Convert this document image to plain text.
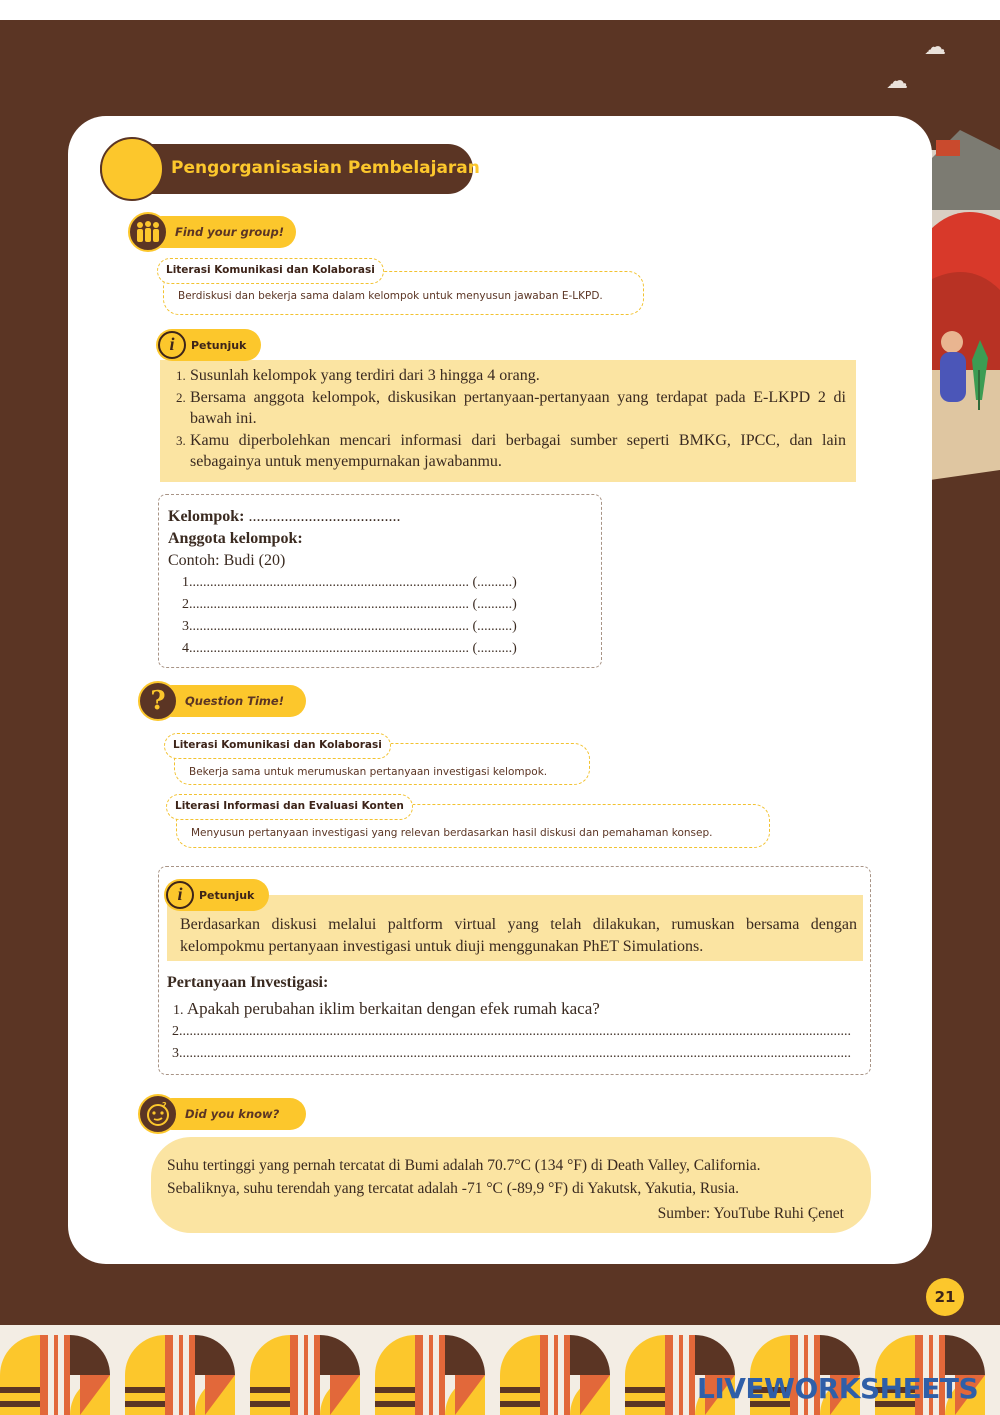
☁
☁
Pengorganisasian Pembelajaran
Find your group!
Berdiskusi dan bekerja sama dalam kelompok untuk menyusun jawaban E-LKPD.
Literasi Komunikasi dan Kolaborasi
1. Susunlah kelompok yang terdiri dari 3 hingga 4 orang.
2. Bersama anggota kelompok, diskusikan pertanyaan-pertanyaan yang terdapat pada E-LKPD 2 di bawah ini.
3. Kamu diperbolehkan mencari informasi dari berbagai sumber seperti BMKG, IPCC, dan lain sebagainya untuk menyempurnakan jawabanmu.
i	Petunjuk
Kelompok: ......................................
Anggota kelompok:
Contoh: Budi (20)
1................................................................................ (..........)
2................................................................................ (..........)
3................................................................................ (..........)
4................................................................................ (..........)
?	Question Time!
Bekerja sama untuk merumuskan pertanyaan investigasi kelompok.
Literasi Komunikasi dan Kolaborasi
Menyusun pertanyaan investigasi yang relevan berdasarkan hasil diskusi dan pemahaman konsep.
Literasi Informasi dan Evaluasi Konten
Berdasarkan diskusi melalui paltform virtual yang telah dilakukan, rumuskan bersama dengan kelompokmu pertanyaan investigasi untuk diuji menggunakan PhET Simulations.
i	Petunjuk
Pertanyaan Investigasi:
1. Apakah perubahan iklim berkaitan dengan efek rumah kaca?
2................................................................................................................................................................................................
3................................................................................................................................................................................................
?
Did you know?
Suhu tertinggi yang pernah tercatat di Bumi adalah 70.7°C (134 °F) di Death Valley, California.
Sebaliknya, suhu terendah yang tercatat adalah -71 °C (-89,9 °F) di Yakutsk, Yakutia, Rusia.
Sumber: YouTube Ruhi Çenet
21
LIVEWORKSHEETS
